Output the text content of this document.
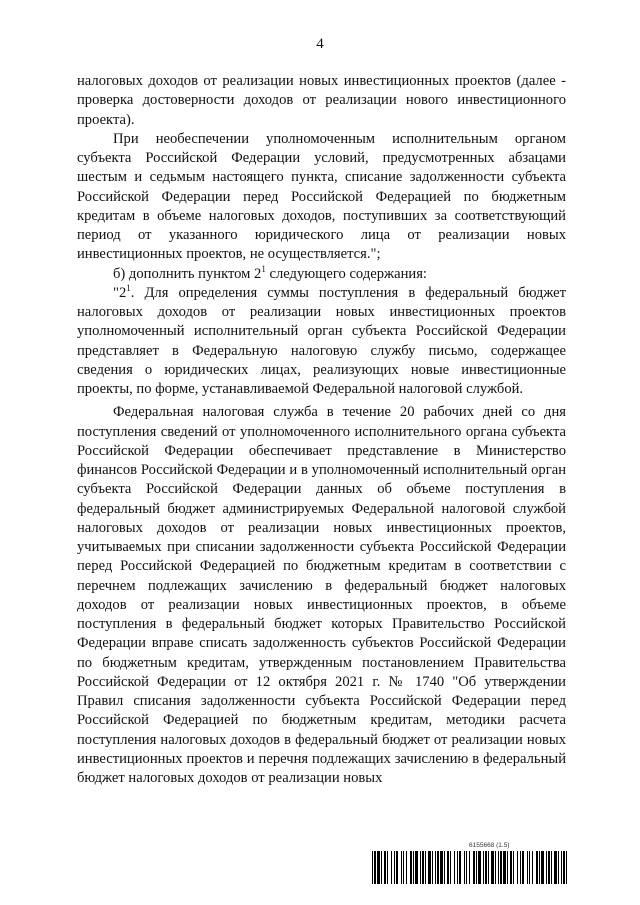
4

налоговых доходов от реализации новых инвестиционных проектов (далее - проверка достоверности доходов от реализации нового инвестиционного проекта).

При необеспечении уполномоченным исполнительным органом субъекта Российской Федерации условий, предусмотренных абзацами шестым и седьмым настоящего пункта, списание задолженности субъекта Российской Федерации перед Российской Федерацией по бюджетным кредитам в объеме налоговых доходов, поступивших за соответствующий период от указанного юридического лица от реализации новых инвестиционных проектов, не осуществляется.";

б) дополнить пунктом $2^1$ следующего содержания:

"$2^1$. Для определения суммы поступления в федеральный бюджет налоговых доходов от реализации новых инвестиционных проектов уполномоченный исполнительный орган субъекта Российской Федерации представляет в Федеральную налоговую службу письмо, содержащее сведения о юридических лицах, реализующих новые инвестиционные проекты, по форме, устанавливаемой Федеральной налоговой службой.

Федеральная налоговая служба в течение 20 рабочих дней со дня поступления сведений от уполномоченного исполнительного органа субъекта Российской Федерации обеспечивает представление в Министерство финансов Российской Федерации и в уполномоченный исполнительный орган субъекта Российской Федерации данных об объеме поступления в федеральный бюджет администрируемых Федеральной налоговой службой налоговых доходов от реализации новых инвестиционных проектов, учитываемых при списании задолженности субъекта Российской Федерации перед Российской Федерацией по бюджетным кредитам в соответствии с перечнем подлежащих зачислению в федеральный бюджет налоговых доходов от реализации новых инвестиционных проектов, в объеме поступления в федеральный бюджет которых Правительство Российской Федерации вправе списать задолженность субъектов Российской Федерации по бюджетным кредитам, утвержденным постановлением Правительства Российской Федерации от 12 октября 2021 г. № 1740 "Об утверждении Правил списания задолженности субъекта Российской Федерации перед Российской Федерацией по бюджетным кредитам, методики расчета поступления налоговых доходов в федеральный бюджет от реализации новых инвестиционных проектов и перечня подлежащих зачислению в федеральный бюджет налоговых доходов от реализации новых

6155668 (1.5)
